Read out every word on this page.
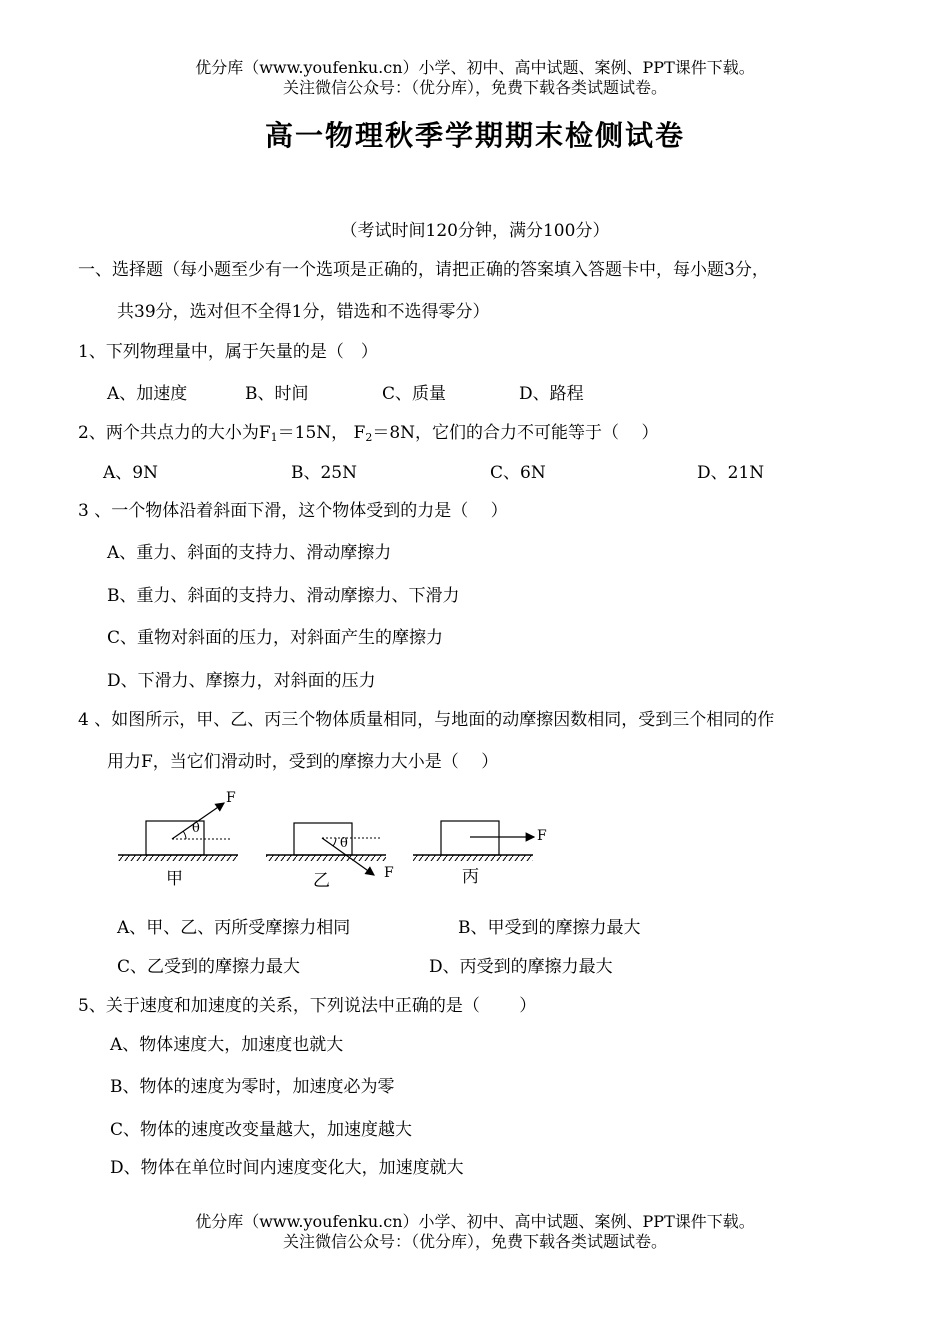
优分库（www.youfenku.cn）小学、初中、高中试题、案例、PPT课件下载。
关注微信公众号：（优分库），免费下载各类试题试卷。
高一物理秋季学期期末检侧试卷
（考试时间120分钟，满分100分）
一、选择题（每小题至少有一个选项是正确的，请把正确的答案填入答题卡中，每小题3分，
共39分，选对但不全得1分，错选和不选得零分）
1、下列物理量中，属于矢量的是（　）
A、加速度	B、时间	C、质量	D、路程
2、两个共点力的大小为$F_1=15N$， $F_2=8N$，它们的合力不可能等于（　 ）
A、9N	B、25N	C、6N	D、21N
3 、一个物体沿着斜面下滑，这个物体受到的力是（　 ）
A、重力、斜面的支持力、滑动摩擦力
B、重力、斜面的支持力、滑动摩擦力、下滑力
C、重物对斜面的压力，对斜面产生的摩擦力
D、下滑力、摩擦力，对斜面的压力
4 、如图所示，甲、乙、丙三个物体质量相同，与地面的动摩擦因数相同，受到三个相同的作
用力F，当它们滑动时，受到的摩擦力大小是（　 ）
θ
F
甲
θ
F
乙
F
丙
A、甲、乙、丙所受摩擦力相同	B、甲受到的摩擦力最大
C、乙受到的摩擦力最大	D、丙受到的摩擦力最大
5、关于速度和加速度的关系，下列说法中正确的是（　　 ）
A、物体速度大，加速度也就大
B、物体的速度为零时，加速度必为零
C、物体的速度改变量越大，加速度越大
D、物体在单位时间内速度变化大，加速度就大
优分库（www.youfenku.cn）小学、初中、高中试题、案例、PPT课件下载。
关注微信公众号：（优分库），免费下载各类试题试卷。
